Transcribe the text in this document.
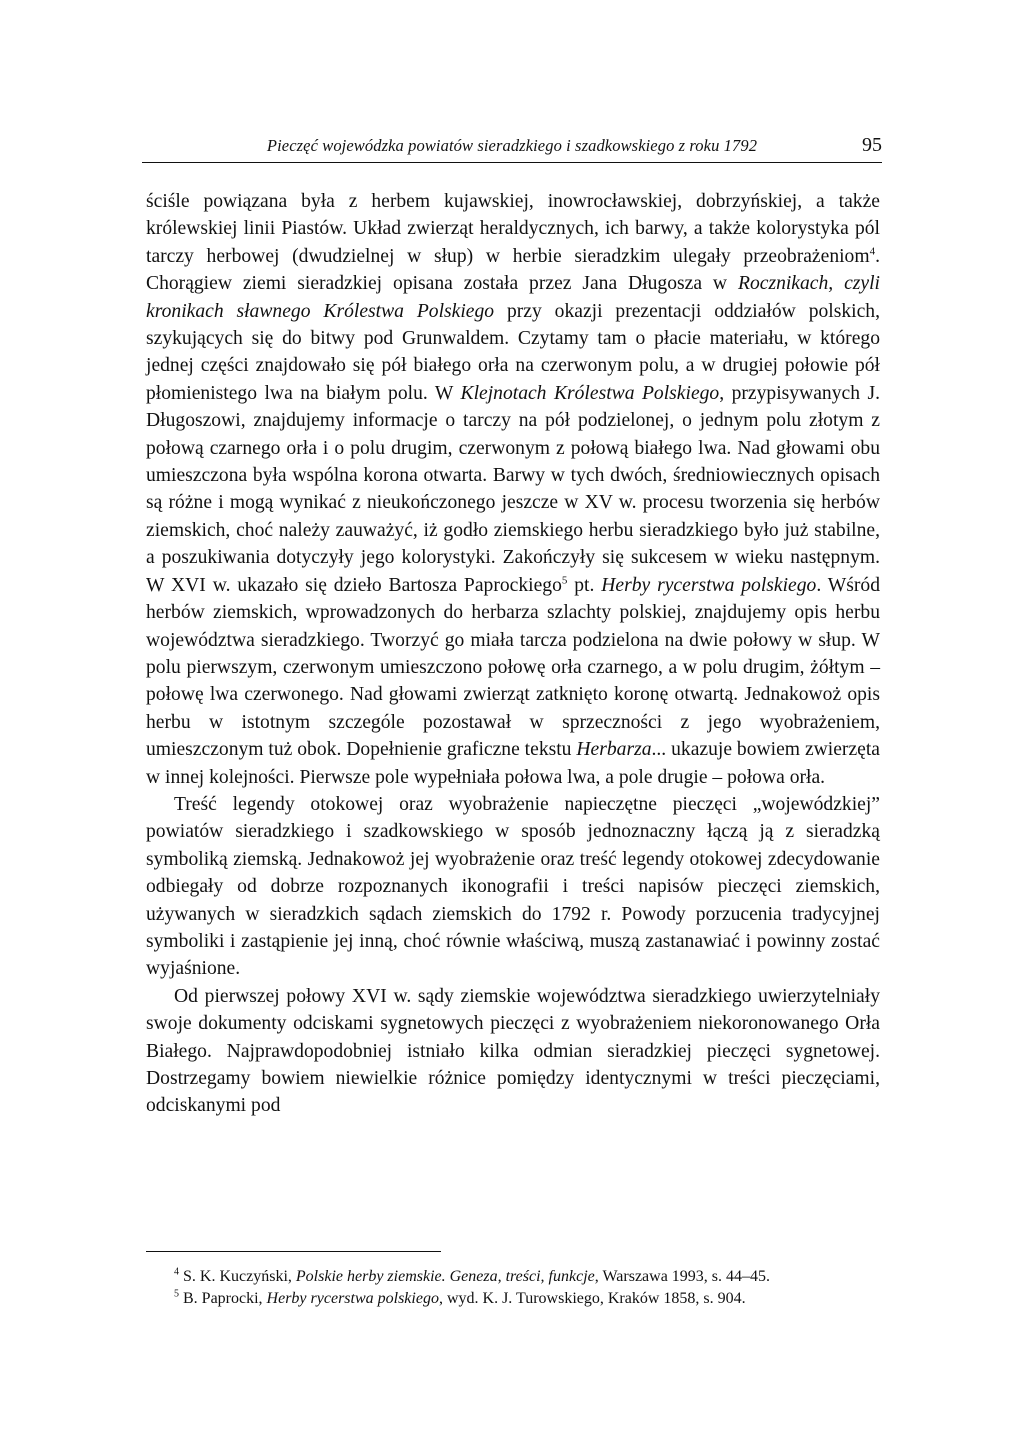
Pieczęć wojewódzka powiatów sieradzkiego i szadkowskiego z roku 1792	95

ściśle powiązana była z herbem kujawskiej, inowrocławskiej, dobrzyńskiej, a także królewskiej linii Piastów. Układ zwierząt heraldycznych, ich barwy, a także kolorystyka pól tarczy herbowej (dwudzielnej w słup) w herbie sieradzkim ulegały przeobrażeniom$^4$. Chorągiew ziemi sieradzkiej opisana została przez Jana Długosza w Rocznikach, czyli kronikach sławnego Królestwa Polskiego przy okazji prezentacji oddziałów polskich, szykujących się do bitwy pod Grunwaldem. Czytamy tam o płacie materiału, w którego jednej części znajdowało się pół białego orła na czerwonym polu, a w drugiej połowie pół płomienistego lwa na białym polu. W Klejnotach Królestwa Polskiego, przypisywanych J. Długoszowi, znajdujemy informacje o tarczy na pół podzielonej, o jednym polu złotym z połową czarnego orła i o polu drugim, czerwonym z połową białego lwa. Nad głowami obu umieszczona była wspólna korona otwarta. Barwy w tych dwóch, średniowiecznych opisach są różne i mogą wynikać z nieukończonego jeszcze w XV w. procesu tworzenia się herbów ziemskich, choć należy zauważyć, iż godło ziemskiego herbu sieradzkiego było już stabilne, a poszukiwania dotyczyły jego kolorystyki. Zakończyły się sukcesem w wieku następnym. W XVI w. ukazało się dzieło Bartosza Paprockiego$^5$ pt. Herby rycerstwa polskiego. Wśród herbów ziemskich, wprowadzonych do herbarza szlachty polskiej, znajdujemy opis herbu województwa sieradzkiego. Tworzyć go miała tarcza podzielona na dwie połowy w słup. W polu pierwszym, czerwonym umieszczono połowę orła czarnego, a w polu drugim, żółtym – połowę lwa czerwonego. Nad głowami zwierząt zatknięto koronę otwartą. Jednakowoż opis herbu w istotnym szczególe pozostawał w sprzeczności z jego wyobrażeniem, umieszczonym tuż obok. Dopełnienie graficzne tekstu Herbarza... ukazuje bowiem zwierzęta w innej kolejności. Pierwsze pole wypełniała połowa lwa, a pole drugie – połowa orła.

Treść legendy otokowej oraz wyobrażenie napieczętne pieczęci „wojewódzkiej” powiatów sieradzkiego i szadkowskiego w sposób jednoznaczny łączą ją z sieradzką symboliką ziemską. Jednakowoż jej wyobrażenie oraz treść legendy otokowej zdecydowanie odbiegały od dobrze rozpoznanych ikonografii i treści napisów pieczęci ziemskich, używanych w sieradzkich sądach ziemskich do 1792 r. Powody porzucenia tradycyjnej symboliki i zastąpienie jej inną, choć równie właściwą, muszą zastanawiać i powinny zostać wyjaśnione.

Od pierwszej połowy XVI w. sądy ziemskie województwa sieradzkiego uwierzytelniały swoje dokumenty odciskami sygnetowych pieczęci z wyobrażeniem niekoronowanego Orła Białego. Najprawdopodobniej istniało kilka odmian sieradzkiej pieczęci sygnetowej. Dostrzegamy bowiem niewielkie różnice pomiędzy identycznymi w treści pieczęciami, odciskanymi pod

$^4$ S. K. Kuczyński, Polskie herby ziemskie. Geneza, treści, funkcje, Warszawa 1993, s. 44–45.

$^5$ B. Paprocki, Herby rycerstwa polskiego, wyd. K. J. Turowskiego, Kraków 1858, s. 904.
